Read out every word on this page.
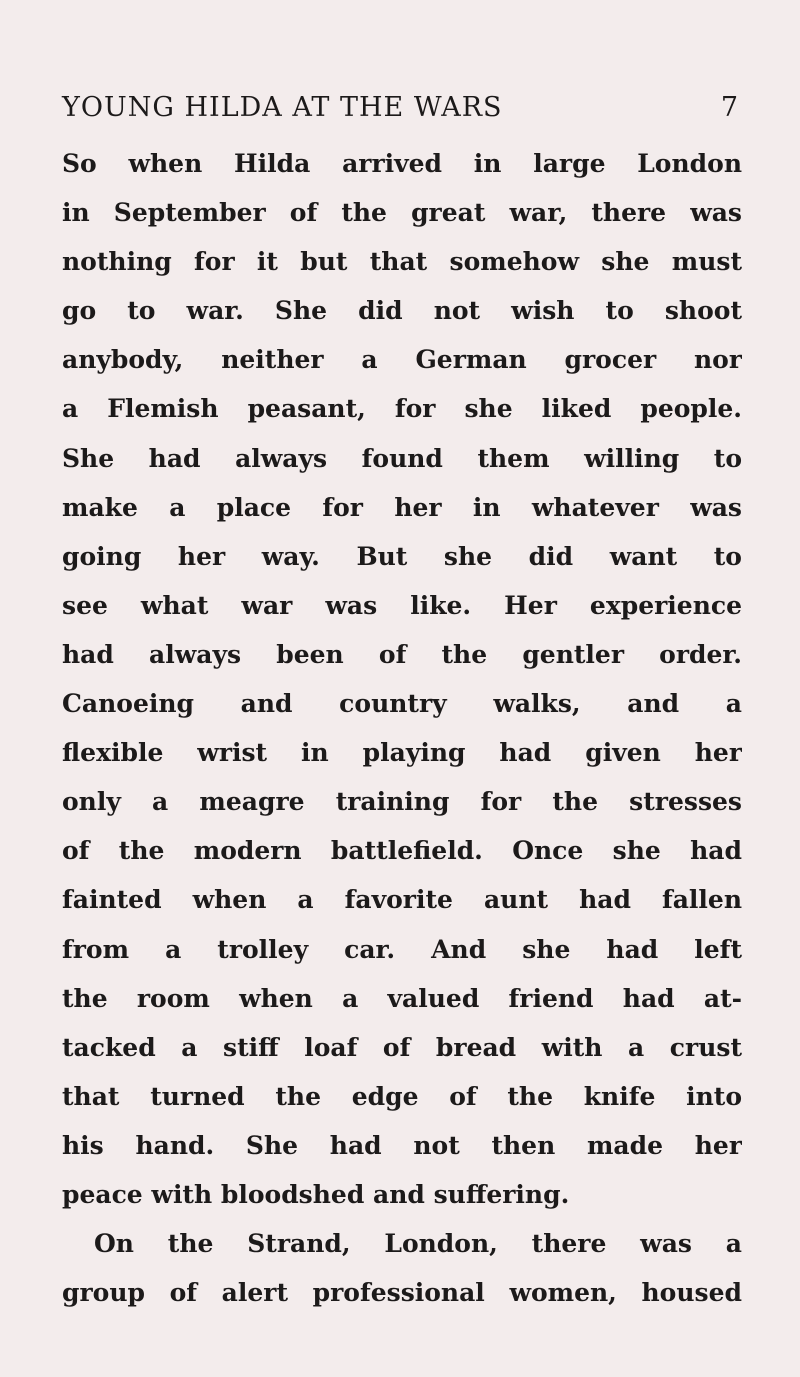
YOUNG HILDA AT THE WARS	7
So when Hilda arrived in large London
in September of the great war, there was
nothing for it but that somehow she must
go to war. She did not wish to shoot
anybody, neither a German grocer nor
a Flemish peasant, for she liked people.
She had always found them willing to
make a place for her in whatever was
going her way. But she did want to
see what war was like. Her experience
had always been of the gentler order.
Canoeing and country walks, and a
flexible wrist in playing had given her
only a meagre training for the stresses
of the modern battlefield. Once she had
fainted when a favorite aunt had fallen
from a trolley car. And she had left
the room when a valued friend had at-
tacked a stiff loaf of bread with a crust
that turned the edge of the knife into
his hand. She had not then made her
peace with bloodshed and suffering.
On the Strand, London, there was a
group of alert professional women, housed
